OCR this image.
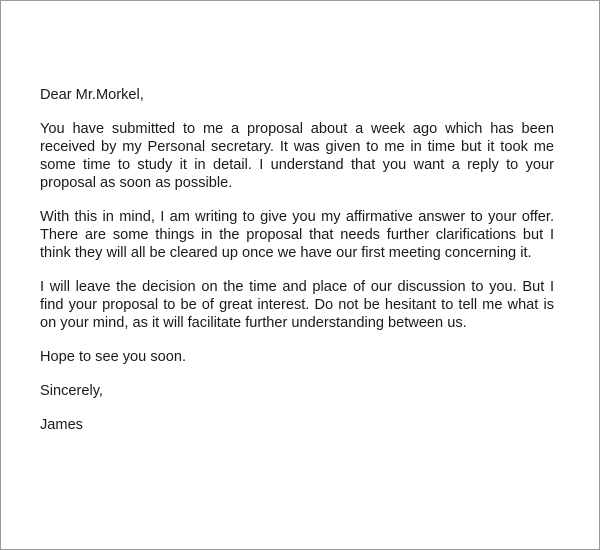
Dear Mr.Morkel,

You have submitted to me a proposal about a week ago which has been received by my Personal secretary. It was given to me in time but it took me some time to study it in detail. I understand that you want a reply to your proposal as soon as possible.

With this in mind, I am writing to give you my affirmative answer to your offer. There are some things in the proposal that needs further clarifications but I think they will all be cleared up once we have our first meeting concerning it.

I will leave the decision on the time and place of our discussion to you. But I find your proposal to be of great interest. Do not be hesitant to tell me what is on your mind, as it will facilitate further understanding between us.

Hope to see you soon.

Sincerely,

James
